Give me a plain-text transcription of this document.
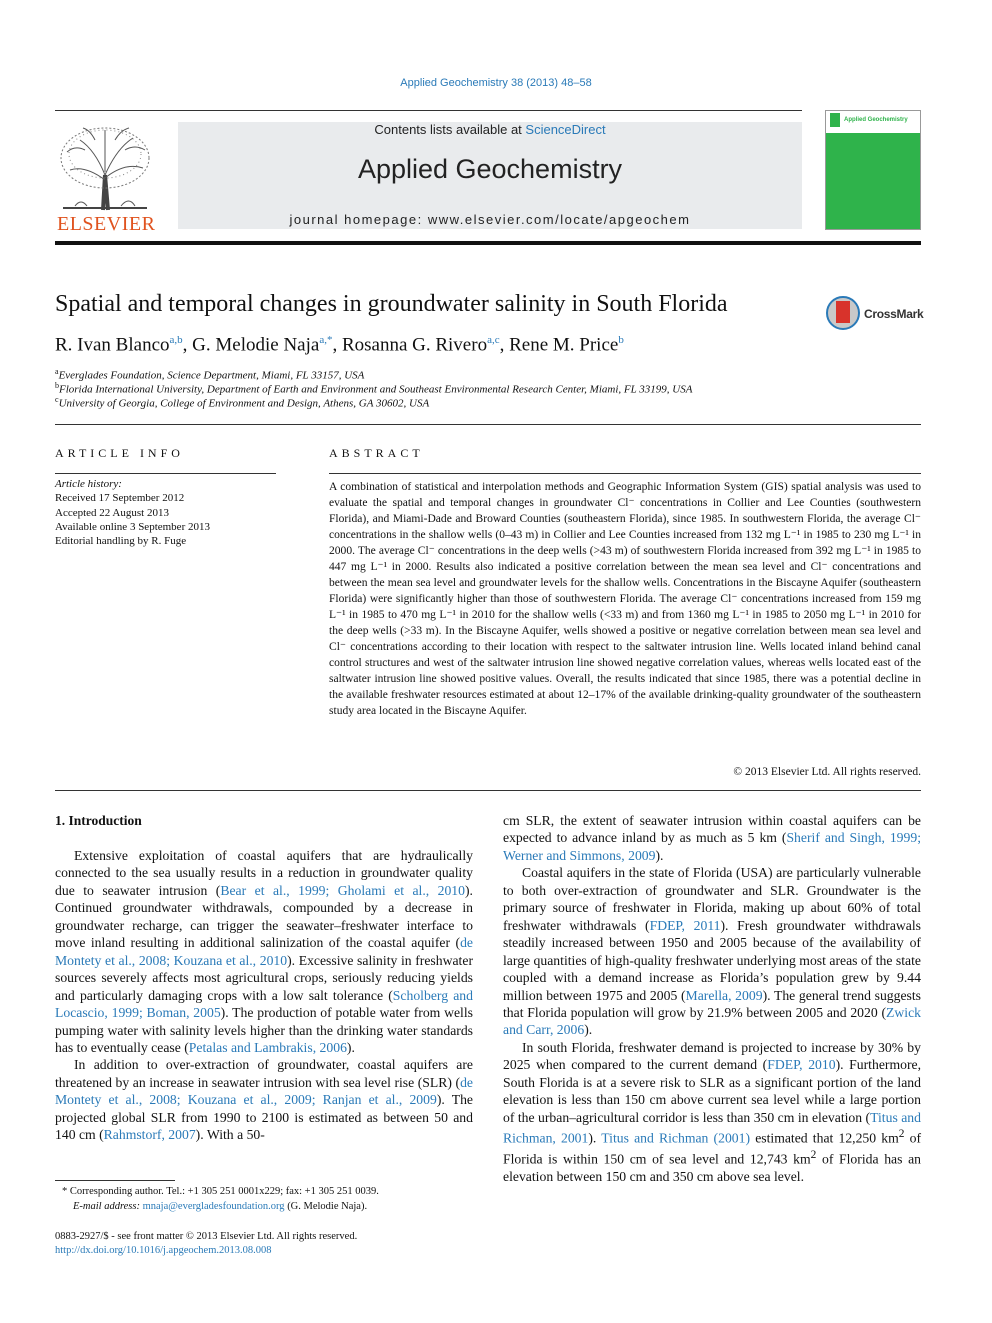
Applied Geochemistry 38 (2013) 48–58
ELSEVIER
Contents lists available at ScienceDirect
Applied Geochemistry
journal homepage: www.elsevier.com/locate/apgeochem
Applied Geochemistry
Spatial and temporal changes in groundwater salinity in South Florida	CrossMark
R. Ivan Blanco$^{a,b}$, G. Melodie Naja$^{a,*}$, Rosanna G. Rivero$^{a,c}$, Rene M. Price$^b$
$^a$Everglades Foundation, Science Department, Miami, FL 33157, USA
$^b$Florida International University, Department of Earth and Environment and Southeast Environmental Research Center, Miami, FL 33199, USA
$^c$University of Georgia, College of Environment and Design, Athens, GA 30602, USA
ARTICLE INFO
Article history:
Received 17 September 2012
Accepted 22 August 2013
Available online 3 September 2013
Editorial handling by R. Fuge
ABSTRACT
A combination of statistical and interpolation methods and Geographic Information System (GIS) spatial analysis was used to evaluate the spatial and temporal changes in groundwater Cl⁻ concentrations in Collier and Lee Counties (southwestern Florida), and Miami-Dade and Broward Counties (southeastern Florida), since 1985. In southwestern Florida, the average Cl⁻ concentrations in the shallow wells (0–43 m) in Collier and Lee Counties increased from 132 mg L⁻¹ in 1985 to 230 mg L⁻¹ in 2000. The average Cl⁻ concentrations in the deep wells (>43 m) of southwestern Florida increased from 392 mg L⁻¹ in 1985 to 447 mg L⁻¹ in 2000. Results also indicated a positive correlation between the mean sea level and Cl⁻ concentrations and between the mean sea level and groundwater levels for the shallow wells. Concentrations in the Biscayne Aquifer (southeastern Florida) were significantly higher than those of southwestern Florida. The average Cl⁻ concentrations increased from 159 mg L⁻¹ in 1985 to 470 mg L⁻¹ in 2010 for the shallow wells (<33 m) and from 1360 mg L⁻¹ in 1985 to 2050 mg L⁻¹ in 2010 for the deep wells (>33 m). In the Biscayne Aquifer, wells showed a positive or negative correlation between mean sea level and Cl⁻ concentrations according to their location with respect to the saltwater intrusion line. Wells located inland behind canal control structures and west of the saltwater intrusion line showed negative correlation values, whereas wells located east of the saltwater intrusion line showed positive values. Overall, the results indicated that since 1985, there was a potential decline in the available freshwater resources estimated at about 12–17% of the available drinking-quality groundwater of the southeastern study area located in the Biscayne Aquifer.
© 2013 Elsevier Ltd. All rights reserved.
1. Introduction

Extensive exploitation of coastal aquifers that are hydraulically connected to the sea usually results in a reduction in groundwater quality due to seawater intrusion (Bear et al., 1999; Gholami et al., 2010). Continued groundwater withdrawals, compounded by a decrease in groundwater recharge, can trigger the seawater–freshwater interface to move inland resulting in additional salinization of the coastal aquifer (de Montety et al., 2008; Kouzana et al., 2010). Excessive salinity in freshwater sources severely affects most agricultural crops, seriously reducing yields and particularly damaging crops with a low salt tolerance (Scholberg and Locascio, 1999; Boman, 2005). The production of potable water from wells pumping water with salinity levels higher than the drinking water standards has to eventually cease (Petalas and Lambrakis, 2006).

In addition to over-extraction of groundwater, coastal aquifers are threatened by an increase in seawater intrusion with sea level rise (SLR) (de Montety et al., 2008; Kouzana et al., 2009; Ranjan et al., 2009). The projected global SLR from 1990 to 2100 is estimated as between 50 and 140 cm (Rahmstorf, 2007). With a 50-

cm SLR, the extent of seawater intrusion within coastal aquifers can be expected to advance inland by as much as 5 km (Sherif and Singh, 1999; Werner and Simmons, 2009).

Coastal aquifers in the state of Florida (USA) are particularly vulnerable to both over-extraction of groundwater and SLR. Groundwater is the primary source of freshwater in Florida, making up about 60% of total freshwater withdrawals (FDEP, 2011). Fresh groundwater withdrawals steadily increased between 1950 and 2005 because of the availability of large quantities of high-quality freshwater underlying most areas of the state coupled with a demand increase as Florida’s population grew by 9.44 million between 1975 and 2005 (Marella, 2009). The general trend suggests that Florida population will grow by 21.9% between 2005 and 2020 (Zwick and Carr, 2006).

In south Florida, freshwater demand is projected to increase by 30% by 2025 when compared to the current demand (FDEP, 2010). Furthermore, South Florida is at a severe risk to SLR as a significant portion of the land elevation is less than 150 cm above current sea level while a large portion of the urban–agricultural corridor is less than 350 cm in elevation (Titus and Richman, 2001). Titus and Richman (2001) estimated that 12,250 $km^2$ of Florida is within 150 cm of sea level and 12,743 $km^2$ of Florida has an elevation between 150 cm and 350 cm above sea level.

* Corresponding author. Tel.: +1 305 251 0001x229; fax: +1 305 251 0039.
E-mail address: mnaja@evergladesfoundation.org (G. Melodie Naja).
0883-2927/$ - see front matter © 2013 Elsevier Ltd. All rights reserved.
http://dx.doi.org/10.1016/j.apgeochem.2013.08.008
